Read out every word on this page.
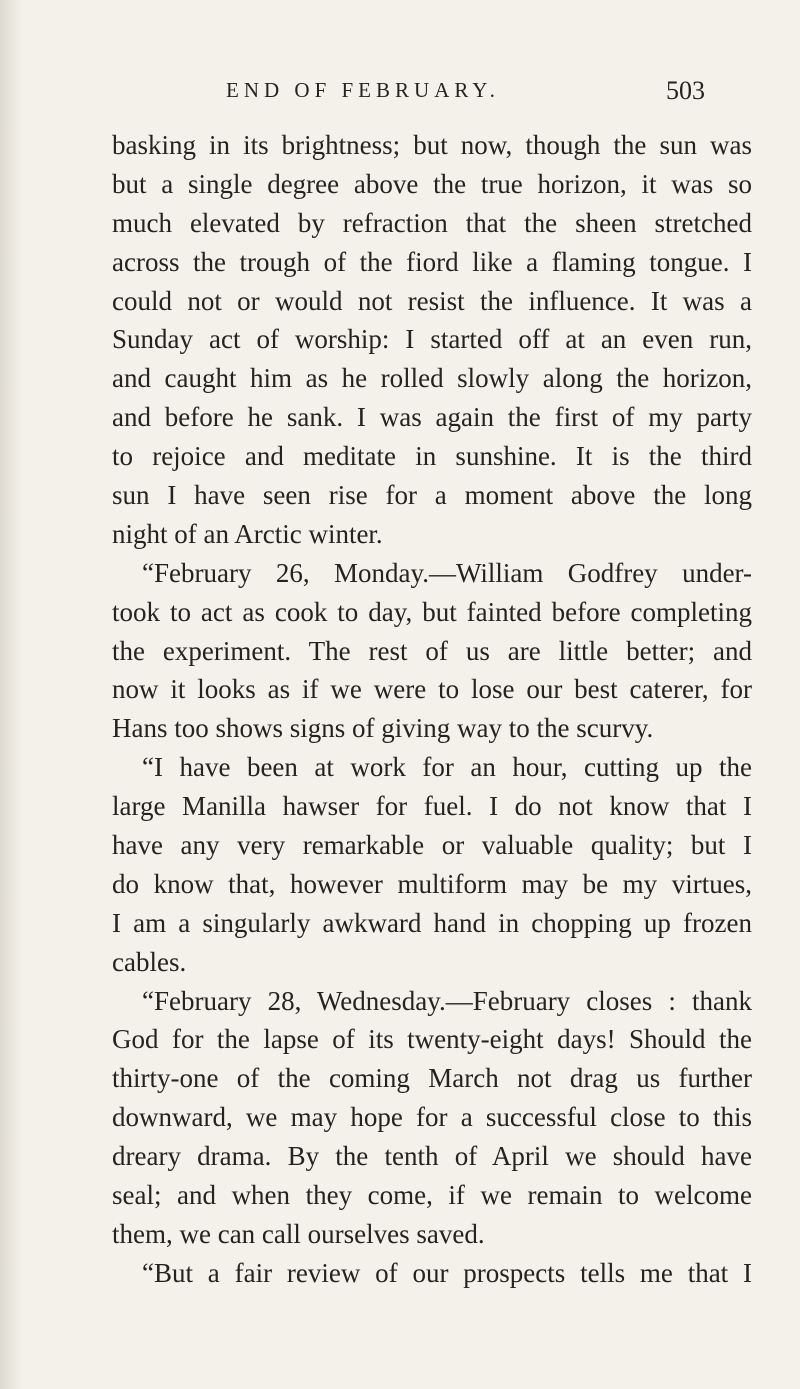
END OF FEBRUARY.	503
basking in its brightness; but now, though the sun was
but a single degree above the true horizon, it was so
much elevated by refraction that the sheen stretched
across the trough of the fiord like a flaming tongue. I
could not or would not resist the influence. It was a
Sunday act of worship: I started off at an even run,
and caught him as he rolled slowly along the horizon,
and before he sank. I was again the first of my party
to rejoice and meditate in sunshine. It is the third
sun I have seen rise for a moment above the long
night of an Arctic winter.
“February 26, Monday.—William Godfrey under-
took to act as cook to day, but fainted before completing
the experiment. The rest of us are little better; and
now it looks as if we were to lose our best caterer, for
Hans too shows signs of giving way to the scurvy.
“I have been at work for an hour, cutting up the
large Manilla hawser for fuel. I do not know that I
have any very remarkable or valuable quality; but I
do know that, however multiform may be my virtues,
I am a singularly awkward hand in chopping up frozen
cables.
“February 28, Wednesday.—February closes : thank
God for the lapse of its twenty-eight days! Should the
thirty-one of the coming March not drag us further
downward, we may hope for a successful close to this
dreary drama. By the tenth of April we should have
seal; and when they come, if we remain to welcome
them, we can call ourselves saved.
“But a fair review of our prospects tells me that I
